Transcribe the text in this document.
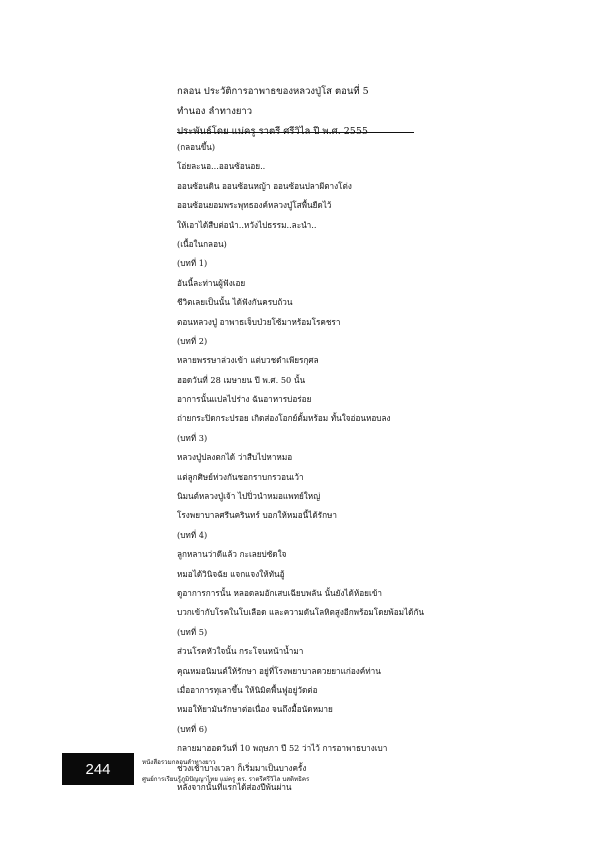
กลอน ประวัติการอาพาธของหลวงปู่โส ตอนที่ 5
ทำนอง ลำทางยาว
ประพันธ์โดย แม่ครู ราตรี ศรีวิไล ปี พ.ศ. 2555
(กลอนขึ้น)
โอ่ยละนอ...ออนซ้อนอย..
ออนซ้อนดิน ออนซ้อนหญ้า ออนซ้อนปลาผีตางโต่ง
ออนซ้อนยอมพระพุทธองค์หลวงปู่โสพื้นยืดไว้
ให้เอาได้สืบต่อนำ..หวังไปธรรม..ละนำ..
(เนื้อในกลอน)
(บทที่ 1)
อันนี้ละท่านผู้ฟังเอย
ชีวิตเลยเป็นนั้น ได้ฟังกันครบถ้วน
ตอนหลวงปู่ อาพาธเจ็บป่วยโซ้มาหร้อมโรคชรา
(บทที่ 2)
หลายพรรษาล่วงเข้า แต่บวชดำเพียรกุศล
ฮอดวันที่ 28 เมษายน ปี พ.ศ. 50 นั้น
อาการนั้นแปลไปร่าง ฉันอาหารบ่อร่อย
ถ่ายกระปิดกระปรอย เกิดส่องโอกย์ตั้มหร้อม ทั้นใจอ่อนหอบลง
(บทที่ 3)
หลวงปู่ปลงตกได้ ว่าสืบไปหาหมอ
แต่ลูกศิษย์ห่วงกันชอกราบกรวอนเว้า
นิมนต์หลวงปู่เจ้า ไปปิ่วนำหมอแพทย์ใหญ่
โรงพยาบาลศรีนครินทร์ บอกให้หมอนี้ได้รักษา
(บทที่ 4)
ลูกหลานว่าดีแล้ว กะเลยบ่ซัดใจ
หมอได้วินิจฉัย แจกแจงให้ทันอู้
ดูอาการการนั้น หลอดลมอักเสบเฉียบพลัน นั้นยังได้ห้อยเข้า
บวกเข้ากับโรคในโบเลือด และความดันโลหิตสูงอีกพร้อมโดยพ้อมได้กัน
(บทที่ 5)
ส่วนโรคหัวใจนั้น กระโจนหน้าน้ำมา
คุณหมอนิมนต์ให้รักษา อยู่ที่โรงพยาบาลดวยยาแก่องค์ท่าน
เมื่ออาการทุเลาขึ้น ให้นิมิตพื้นฟูอยู่วัดต่อ
หมอให้ยามันรักษาต่อเนื่อง จนถึงมื้อนัดหมาย
(บทที่ 6)
กลายมาฮอดวันที่ 10 พฤษภา ปี 52 ว่าไว้ การอาพาธบางเบา
ช่วงเช้าบางเวลา ก็เริ่มมาเป็นบางครั้ง
หลังจากนั้นที่แรกได้ส่องปีพ้นผ่าน
244	หนังสือรวมกลอนลำทางยาว
ศูนย์การเรียนรู้ภูมิปัญญาไทย แม่ครู ดร. ราตรีศรีวิไล บสดิทธิคร
